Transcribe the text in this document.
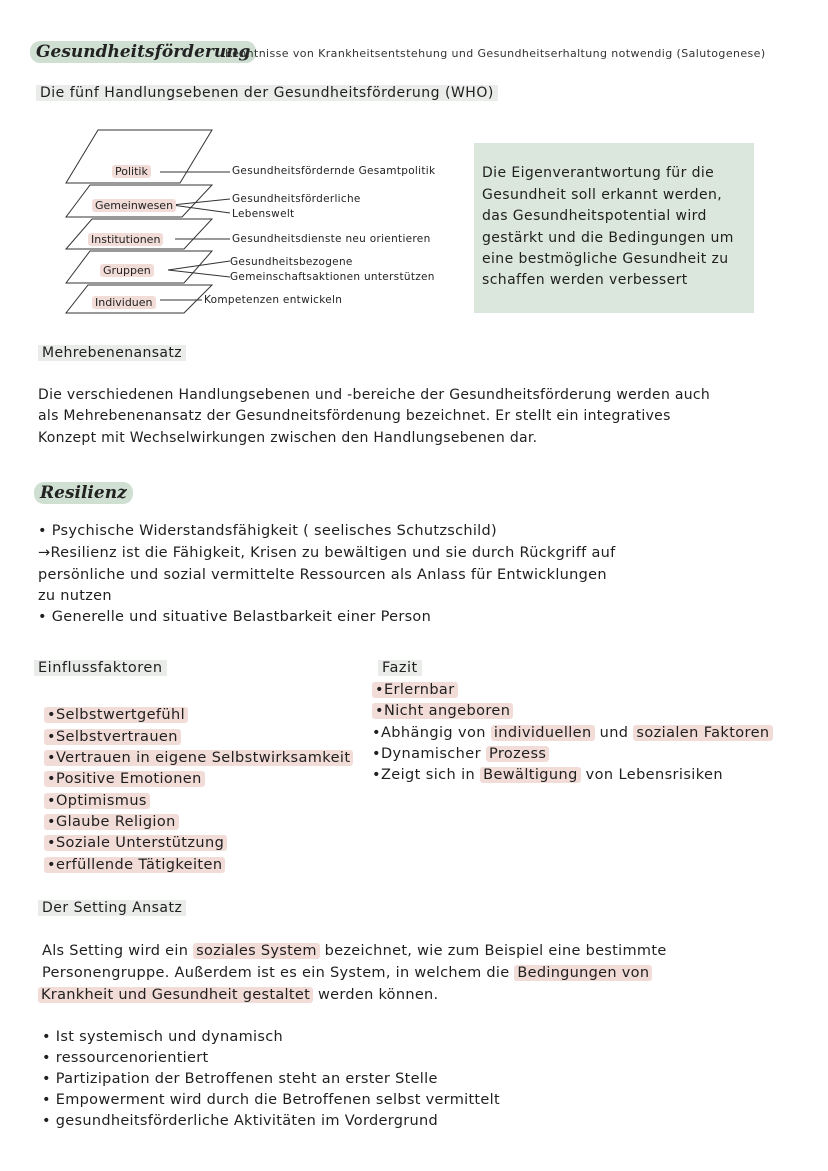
Gesundheitsförderung
Kenntnisse von Krankheitsentstehung und Gesundheitserhaltung notwendig (Salutogenese)
Die fünf Handlungsebenen der Gesundheitsförderung (WHO)
Politik
Gemeinwesen
Institutionen
Gruppen
Individuen
Gesundheitsfördernde Gesamtpolitik
Gesundheitsförderliche
Lebenswelt
Gesundheitsdienste neu orientieren
Gesundheitsbezogene
Gemeinschaftsaktionen unterstützen
Kompetenzen entwickeln
Die Eigenverantwortung für die
Gesundheit soll erkannt werden,
das Gesundheitspotential wird
gestärkt und die Bedingungen um
eine bestmögliche Gesundheit zu
schaffen werden verbessert
Mehrebenenansatz
Die verschiedenen Handlungsebenen und -bereiche der Gesundheitsförderung werden auch
als Mehrebenenansatz der Gesundneitsfördenung bezeichnet. Er stellt ein integratives
Konzept mit Wechselwirkungen zwischen den Handlungsebenen dar.
Resilienz
• Psychische Widerstandsfähigkeit ( seelisches Schutzschild)
→Resilienz ist die Fähigkeit, Krisen zu bewältigen und sie durch Rückgriff auf
persönliche und sozial vermittelte Ressourcen als Anlass für Entwicklungen
zu nutzen
• Generelle und situative Belastbarkeit einer Person
Einflussfaktoren
•Selbstwertgefühl
•Selbstvertrauen
•Vertrauen in eigene Selbstwirksamkeit
•Positive Emotionen
•Optimismus
•Glaube Religion
•Soziale Unterstützung
•erfüllende Tätigkeiten
Fazit
•Erlernbar
•Nicht angeboren
•Abhängig von individuellen und sozialen Faktoren
•Dynamischer Prozess
•Zeigt sich in Bewältigung von Lebensrisiken
Der Setting Ansatz
Als Setting wird ein soziales System bezeichnet, wie zum Beispiel eine bestimmte
Personengruppe. Außerdem ist es ein System, in welchem die Bedingungen von
Krankheit und Gesundheit gestaltet werden können.
• Ist systemisch und dynamisch
• ressourcenorientiert
• Partizipation der Betroffenen steht an erster Stelle
• Empowerment wird durch die Betroffenen selbst vermittelt
• gesundheitsförderliche Aktivitäten im Vordergrund
